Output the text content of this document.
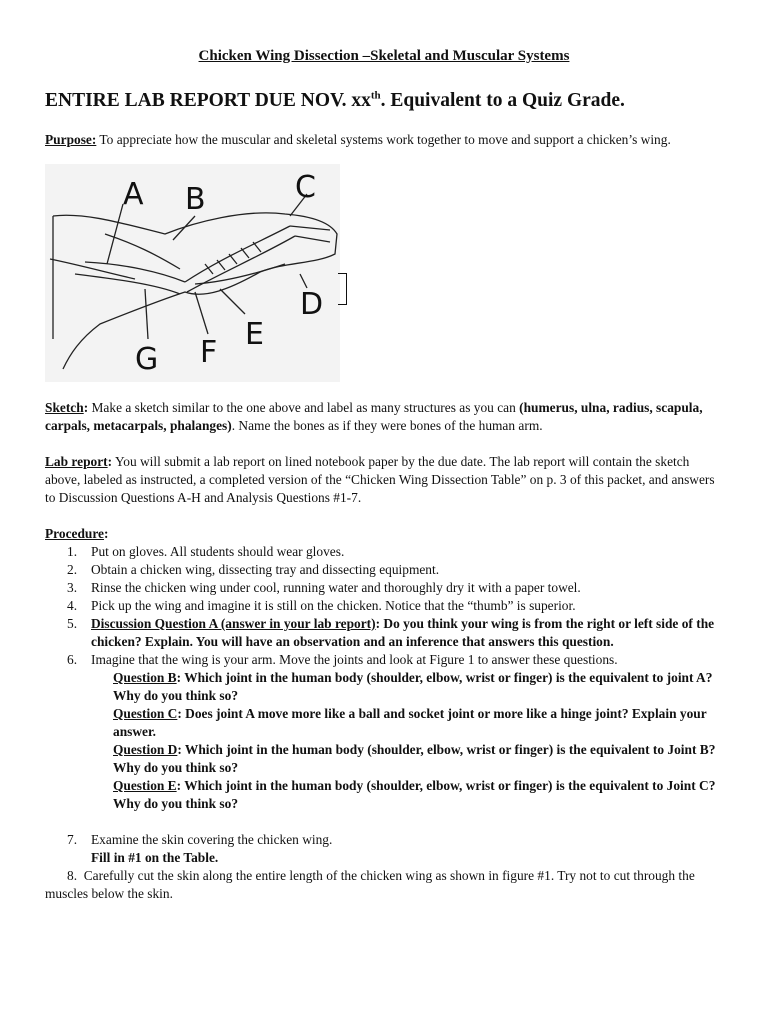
Chicken Wing Dissection –Skeletal and Muscular Systems
ENTIRE LAB REPORT DUE NOV. $xx^{th}$. Equivalent to a Quiz Grade.
Purpose: To appreciate how the muscular and skeletal systems work together to move and support a chicken’s wing.
A B	C
D
E
F
G
Sketch: Make a sketch similar to the one above and label as many structures as you can (humerus, ulna, radius, scapula, carpals, metacarpals, phalanges). Name the bones as if they were bones of the human arm.
Lab report: You will submit a lab report on lined notebook paper by the due date. The lab report will contain the sketch above, labeled as instructed, a completed version of the “Chicken Wing Dissection Table” on p. 3 of this packet, and answers to Discussion Questions A-H and Analysis Questions #1-7.
Procedure:
1. Put on gloves. All students should wear gloves.
2. Obtain a chicken wing, dissecting tray and dissecting equipment.
3. Rinse the chicken wing under cool, running water and thoroughly dry it with a paper towel.
4. Pick up the wing and imagine it is still on the chicken. Notice that the “thumb” is superior.
5. Discussion Question A (answer in your lab report): Do you think your wing is from the right or left side of the chicken? Explain. You will have an observation and an inference that answers this question.
6. Imagine that the wing is your arm. Move the joints and look at Figure 1 to answer these questions.
Question B: Which joint in the human body (shoulder, elbow, wrist or finger) is the equivalent to joint A? Why do you think so?
Question C: Does joint A move more like a ball and socket joint or more like a hinge joint? Explain your answer.
Question D: Which joint in the human body (shoulder, elbow, wrist or finger) is the equivalent to Joint B? Why do you think so?
Question E: Which joint in the human body (shoulder, elbow, wrist or finger) is the equivalent to Joint C? Why do you think so?
7. Examine the skin covering the chicken wing.
Fill in #1 on the Table.
8. Carefully cut the skin along the entire length of the chicken wing as shown in figure #1. Try not to cut through the muscles below the skin.
